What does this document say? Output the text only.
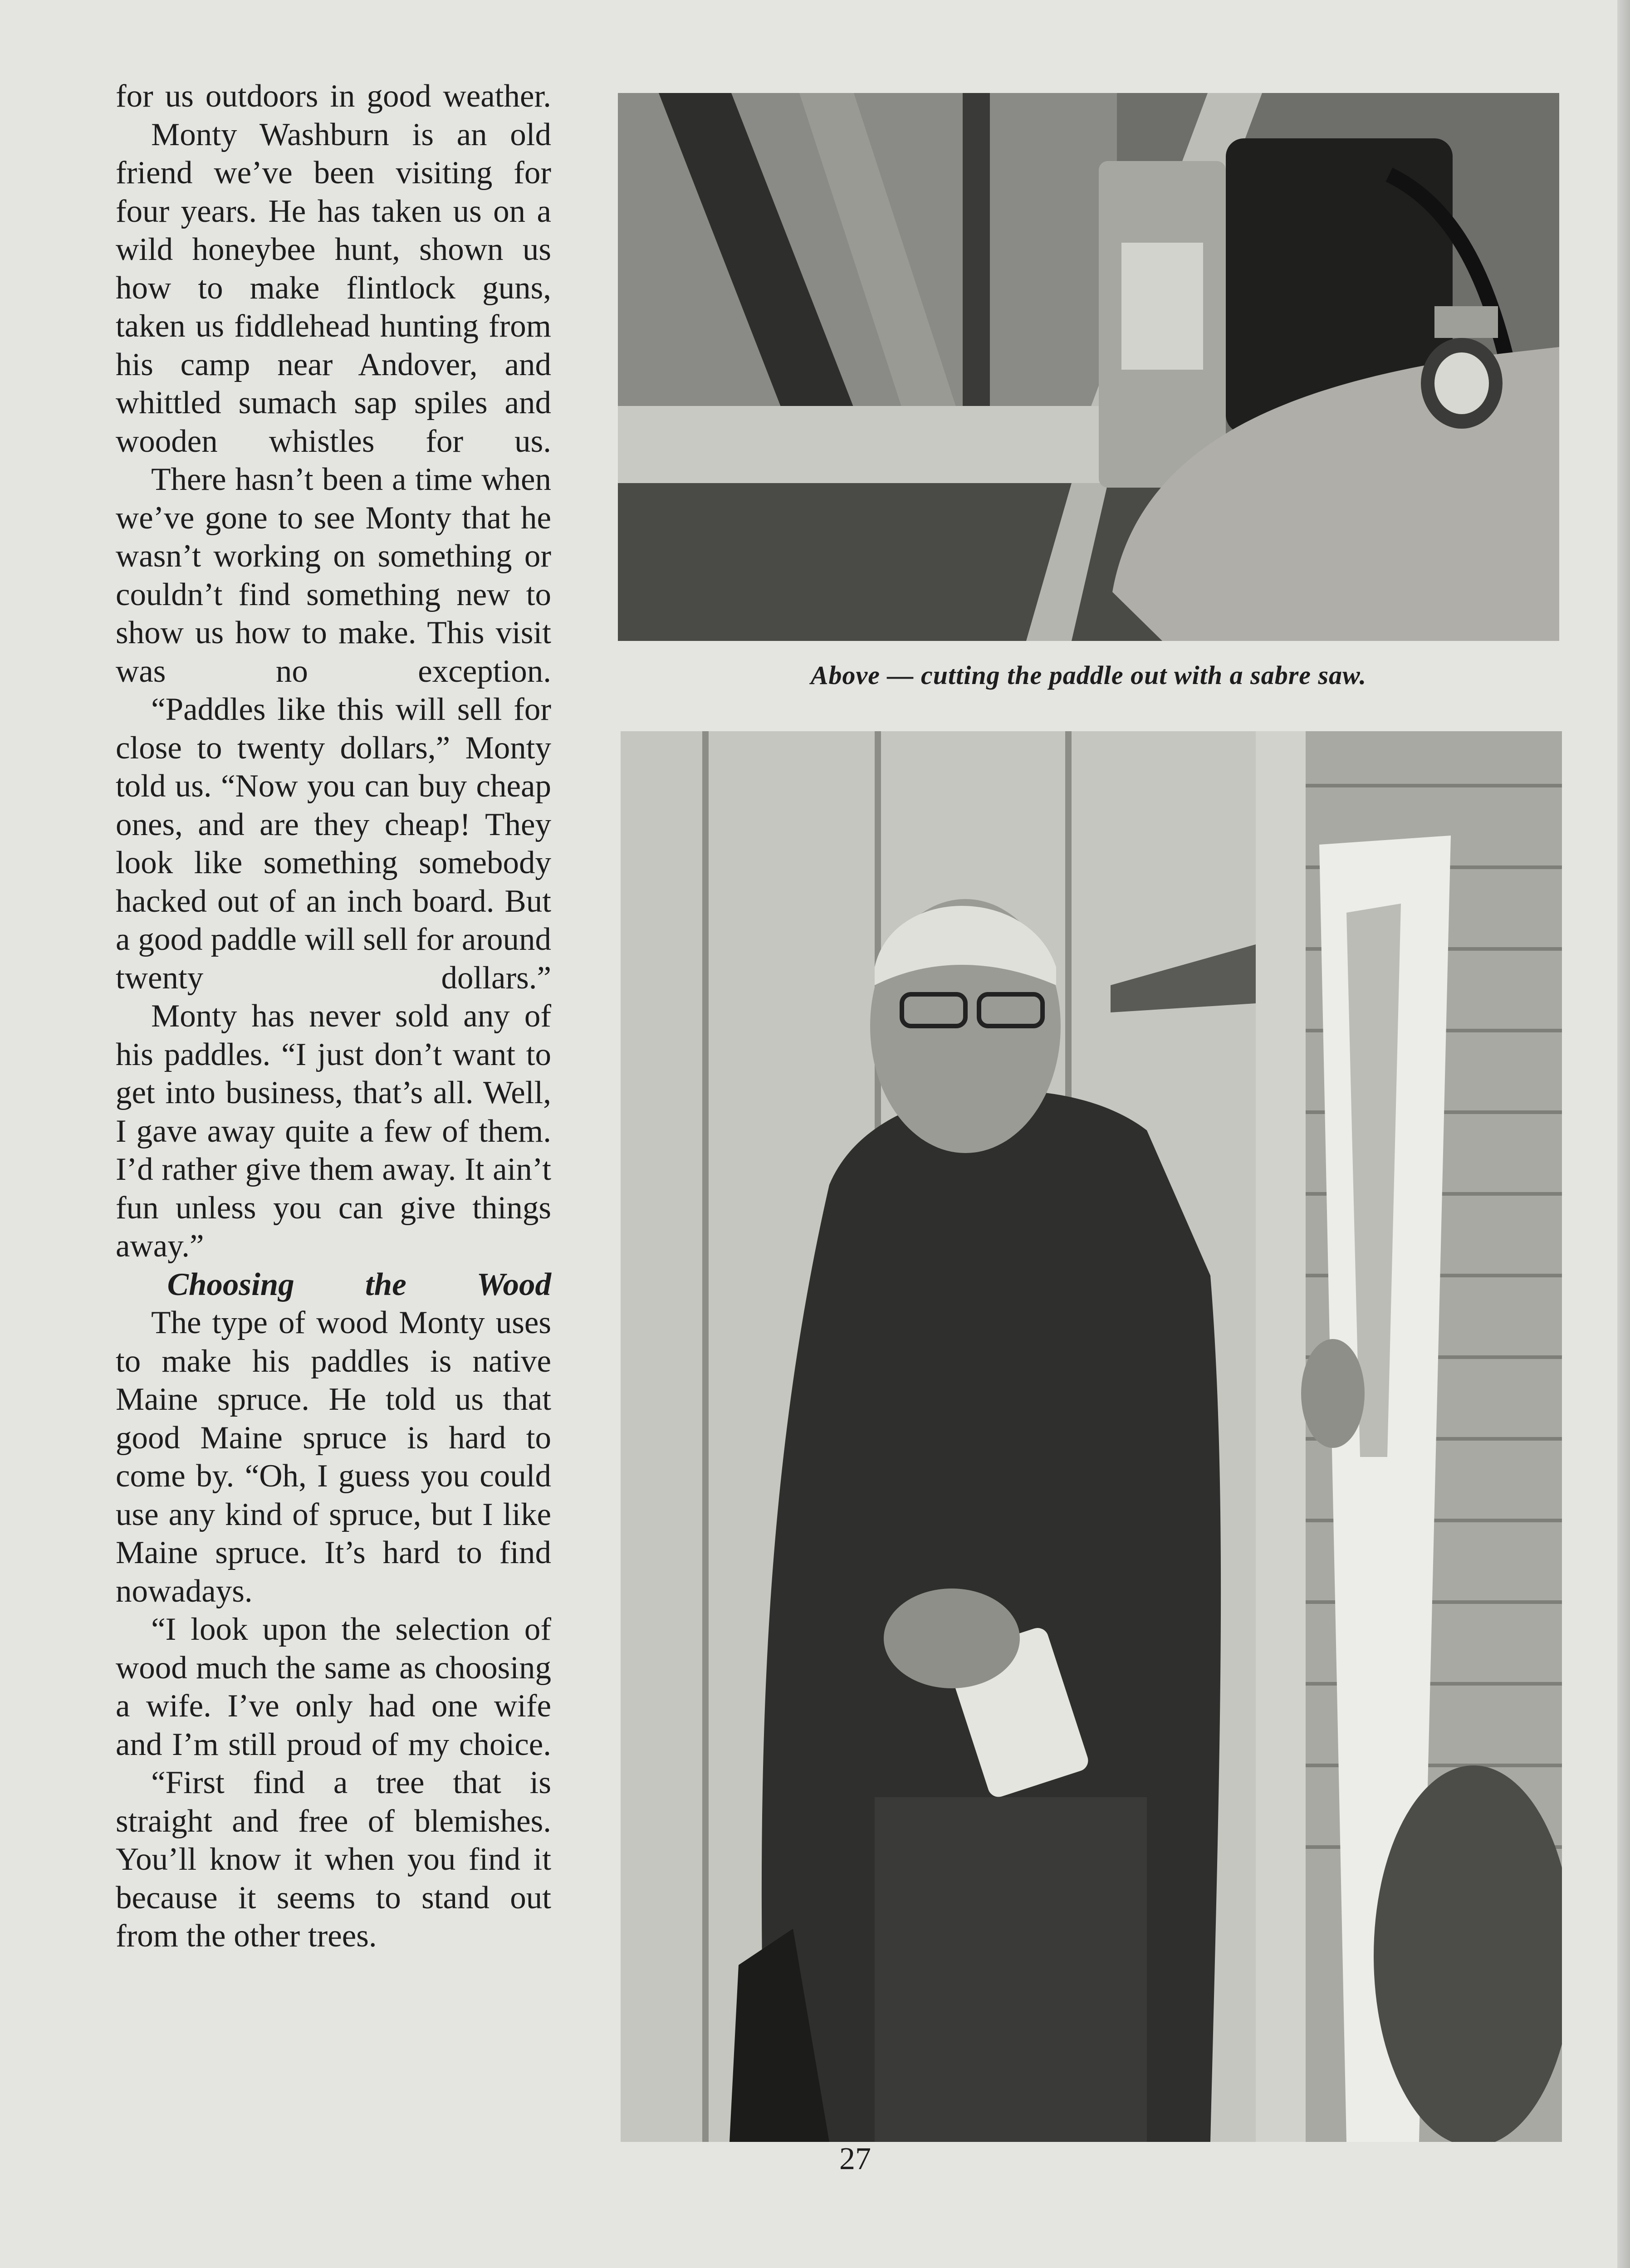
for us outdoors in good weather.

Monty Washburn is an old friend we’ve been visiting for four years. He has taken us on a wild honeybee hunt, shown us how to make flintlock guns, taken us fiddlehead hunting from his camp near Andover, and whittled sumach sap spiles and wooden whistles for us.

There hasn’t been a time when we’ve gone to see Monty that he wasn’t working on something or couldn’t find something new to show us how to make. This visit was no exception.

“Paddles like this will sell for close to twenty dollars,” Monty told us. “Now you can buy cheap ones, and are they cheap! They look like something somebody hacked out of an inch board. But a good paddle will sell for around twenty dollars.”

Monty has never sold any of his paddles. “I just don’t want to get into business, that’s all. Well, I gave away quite a few of them. I’d rather give them away. It ain’t fun unless you can give things away.”

Choosing the Wood

The type of wood Monty uses to make his paddles is native Maine spruce. He told us that good Maine spruce is hard to come by. “Oh, I guess you could use any kind of spruce, but I like Maine spruce. It’s hard to find nowadays.

“I look upon the selection of wood much the same as choosing a wife. I’ve only had one wife and I’m still proud of my choice.

“First find a tree that is straight and free of blemishes. You’ll know it when you find it because it seems to stand out from the other trees.

Above — cutting the paddle out with a sabre saw.
27
